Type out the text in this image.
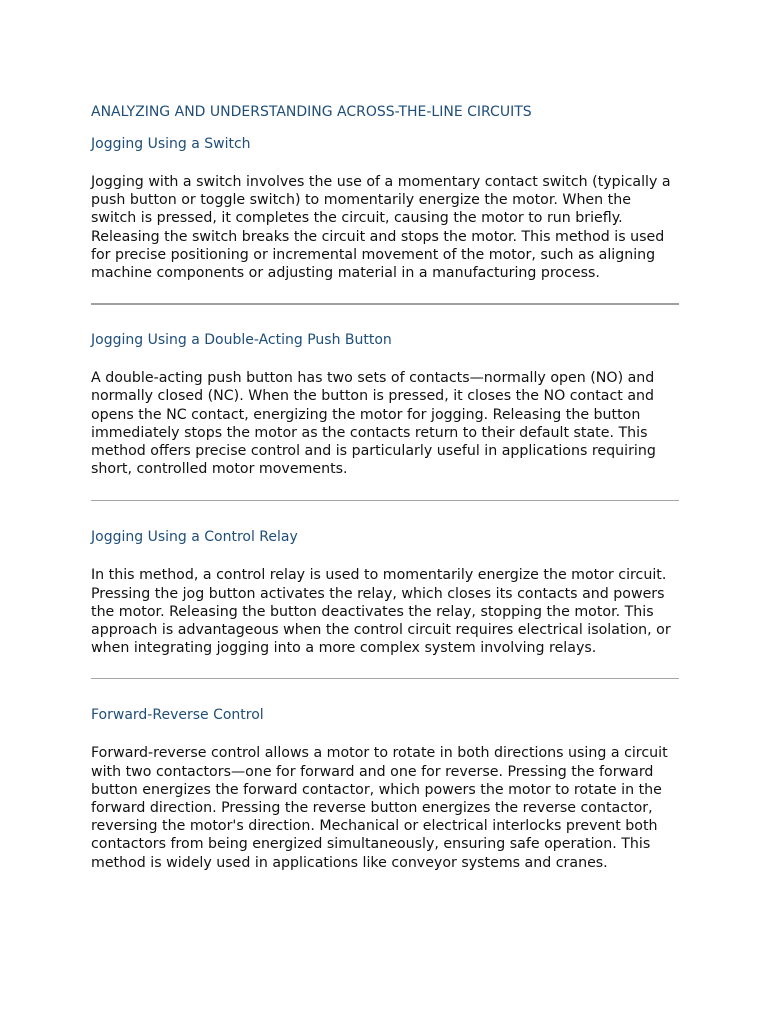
ANALYZING AND UNDERSTANDING ACROSS-THE-LINE CIRCUITS
Jogging Using a Switch

Jogging with a switch involves the use of a momentary contact switch (typically a push button or toggle switch) to momentarily energize the motor. When the switch is pressed, it completes the circuit, causing the motor to run briefly. Releasing the switch breaks the circuit and stops the motor. This method is used for precise positioning or incremental movement of the motor, such as aligning machine components or adjusting material in a manufacturing process.

Jogging Using a Double-Acting Push Button

A double-acting push button has two sets of contacts—normally open (NO) and normally closed (NC). When the button is pressed, it closes the NO contact and opens the NC contact, energizing the motor for jogging. Releasing the button immediately stops the motor as the contacts return to their default state. This method offers precise control and is particularly useful in applications requiring short, controlled motor movements.

Jogging Using a Control Relay

In this method, a control relay is used to momentarily energize the motor circuit. Pressing the jog button activates the relay, which closes its contacts and powers the motor. Releasing the button deactivates the relay, stopping the motor. This approach is advantageous when the control circuit requires electrical isolation, or when integrating jogging into a more complex system involving relays.

Forward-Reverse Control

Forward-reverse control allows a motor to rotate in both directions using a circuit with two contactors—one for forward and one for reverse. Pressing the forward button energizes the forward contactor, which powers the motor to rotate in the forward direction. Pressing the reverse button energizes the reverse contactor, reversing the motor's direction. Mechanical or electrical interlocks prevent both contactors from being energized simultaneously, ensuring safe operation. This method is widely used in applications like conveyor systems and cranes.
